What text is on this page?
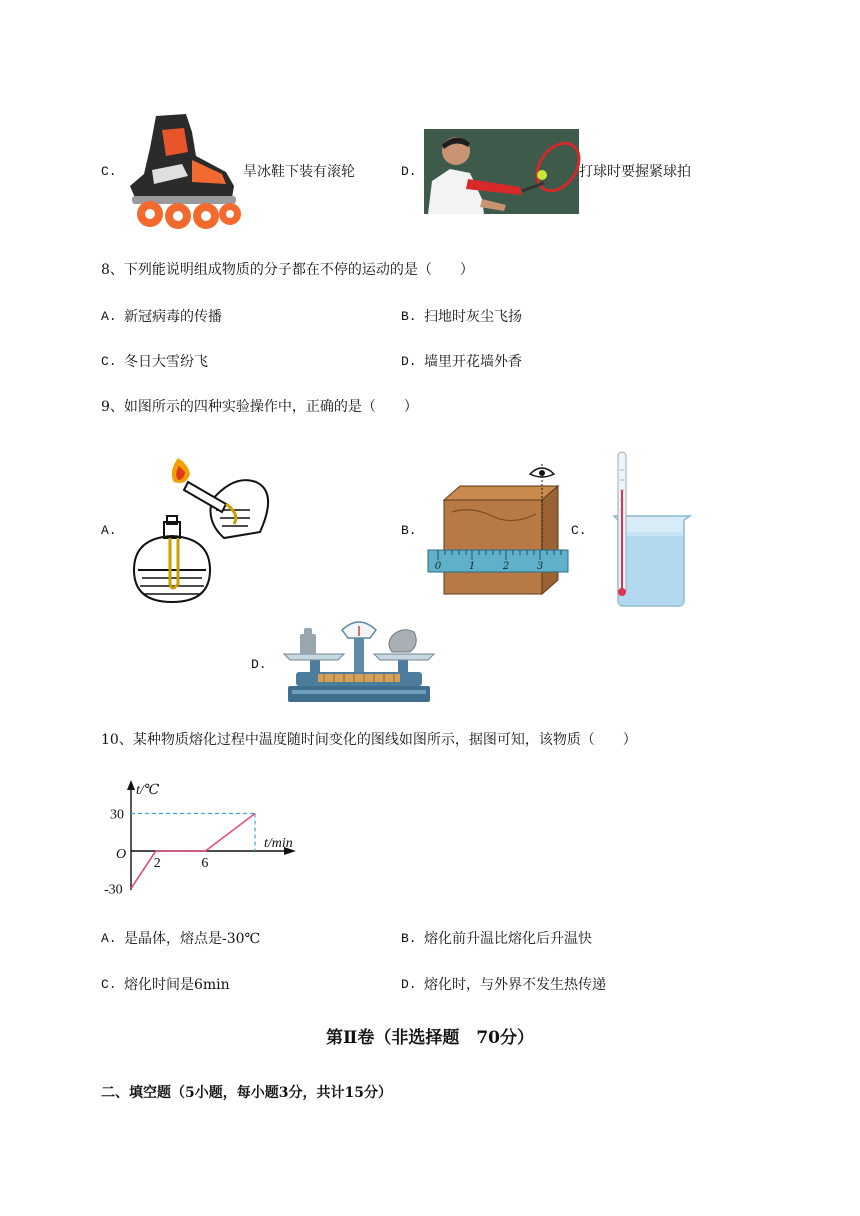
C.	旱冰鞋下装有滚轮	D.	打球时要握紧球拍
8、下列能说明组成物质的分子都在不停的运动的是（　　）
A. 新冠病毒的传播	B. 扫地时灰尘飞扬
C. 冬日大雪纷飞	D. 墙里开花墙外香
9、如图所示的四种实验操作中，正确的是（　　）
A.	B.
0	1	2	3
C.
D.
10、某种物质熔化过程中温度随时间变化的图线如图所示，据图可知，该物质（　　）
t/℃
t/min
O
30
-30
2	6
A. 是晶体，熔点是-30℃	B. 熔化前升温比熔化后升温快
C. 熔化时间是6min	D. 熔化时，与外界不发生热传递
第Ⅱ卷（非选择题　70分）
二、填空题（5小题，每小题3分，共计15分）
